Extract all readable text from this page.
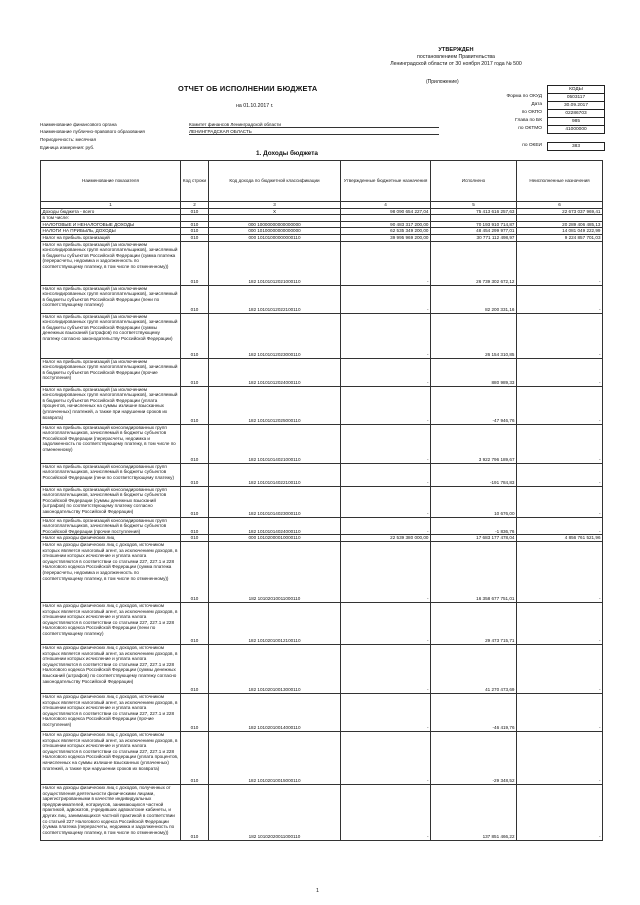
УТВЕРЖДЕН
постановлением Правительства
Ленинградской области от 30 ноября 2017 года № 500
(Приложение)
ОТЧЕТ ОБ ИСПОЛНЕНИИ БЮДЖЕТА
на 01.10.2017 г.
КОДЫ
Форма по ОКУД	0503117
Дата	30.09.2017
по ОКПО	02286703
Глава по БК	985
по ОКТМО	41000000
по ОКЕИ	383
Наименование финансового органа	Комитет финансов Ленинградской области
Наименование публично-правового образования	ЛЕНИНГРАДСКАЯ ОБЛАСТЬ
Периодичность: месячная
Единица измерения: руб.
1. Доходы бюджета
Наименование показателя	Код строки	Код дохода по бюджетной классификации	Утвержденные бюджетные назначения	Исполнено	Неисполненные назначения
1	2	3	4	5	6
Доходы бюджета - всего	010	X	98 090 654 227,04	75 413 616 257,63	22 673 037 969,41
в том числе:					
НАЛОГОВЫЕ И НЕНАЛОГОВЫЕ ДОХОДЫ	010	000 10000000000000000	90 483 317 200,00	70 193 910 714,87	20 289 406 485,13
НАЛОГИ НА ПРИБЫЛЬ, ДОХОДЫ	010	000 10100000000000000	62 535 349 200,00	48 454 299 977,01	14 081 049 222,99
Налог на прибыль организаций	010	000 10101000000000110	39 995 969 200,00	30 771 112 498,97	9 224 857 701,03
Налог на прибыль организаций (за исключением консолидированных групп налогоплательщиков), зачисляемый в бюджеты субъектов Российской Федерации (сумма платежа (перерасчеты, недоимка и задолженность по соответствующему платежу, в том числе по отмененному))	010	182 10101012021000110	-	26 739 302 672,12	-
Налог на прибыль организаций (за исключением консолидированных групп налогоплательщиков), зачисляемый в бюджеты субъектов Российской Федерации (пени по соответствующему платежу)	010	182 10101012022100110	-	82 200 331,16	-
Налог на прибыль организаций (за исключением консолидированных групп налогоплательщиков), зачисляемый в бюджеты субъектов Российской Федерации (суммы денежных взысканий (штрафов) по соответствующему платежу согласно законодательству Российской Федерации)	010	182 10101012023000110	-	26 154 310,85	-
Налог на прибыль организаций (за исключением консолидированных групп налогоплательщиков), зачисляемый в бюджеты субъектов Российской Федерации (прочие поступления)	010	182 10101012024000110	-	880 989,33	-
Налог на прибыль организаций (за исключением консолидированных групп налогоплательщиков), зачисляемый в бюджеты субъектов Российской Федерации (уплата процентов, начисленных на суммы излишне взысканных (уплаченных) платежей, а также при нарушении сроков их возврата)	010	182 10101012025000110	-	-47 946,76	-
Налог на прибыль организаций консолидированных групп налогоплательщиков, зачисляемый в бюджеты субъектов Российской Федерации (перерасчеты, недоимка и задолженность по соответствующему платежу, в том числе по отмененному)	010	182 10101014021000110	-	3 922 796 189,67	-
Налог на прибыль организаций консолидированных групп налогоплательщиков, зачисляемый в бюджеты субъектов Российской Федерации (пени по соответствующему платежу)	010	182 10101014022100110	-	-191 784,83	-
Налог на прибыль организаций консолидированных групп налогоплательщиков, зачисляемый в бюджеты субъектов Российской Федерации (суммы денежных взысканий (штрафов) по соответствующему платежу согласно законодательству Российской Федерации)	010	182 10101014023000110	-	10 676,00	-
Налог на прибыль организаций консолидированных групп налогоплательщиков, зачисляемый в бюджеты субъектов Российской Федерации (прочие поступления)	010	182 10101014024000110	-	-1 836,76	-
Налог на доходы физических лиц	010	000 10102000010000110	22 539 380 000,00	17 683 177 478,04	4 856 761 521,96
Налог на доходы физических лиц с доходов, источником которых является налоговый агент, за исключением доходов, в отношении которых исчисление и уплата налога осуществляются в соответствии со статьями 227, 227.1 и 228 Налогового кодекса Российской Федерации (сумма платежа (перерасчеты, недоимка и задолженность по соответствующему платежу, в том числе по отмененному))	010	182 10102010011000110	-	16 358 677 751,01	-
Налог на доходы физических лиц с доходов, источником которых является налоговый агент, за исключением доходов, в отношении которых исчисление и уплата налога осуществляются в соответствии со статьями 227, 227.1 и 228 Налогового кодекса Российской Федерации (пени по соответствующему платежу)	010	182 10102010012100110	-	29 473 715,71	-
Налог на доходы физических лиц с доходов, источником которых является налоговый агент, за исключением доходов, в отношении которых исчисление и уплата налога осуществляются в соответствии со статьями 227, 227.1 и 228 Налогового кодекса Российской Федерации (суммы денежных взысканий (штрафов) по соответствующему платежу согласно законодательству Российской Федерации)	010	182 10102010013000110	-	41 270 473,69	-
Налог на доходы физических лиц с доходов, источником которых является налоговый агент, за исключением доходов, в отношении которых исчисление и уплата налога осуществляются в соответствии со статьями 227, 227.1 и 228 Налогового кодекса Российской Федерации (прочие поступления)	010	182 10102010014000110	-	-46 419,76	-
Налог на доходы физических лиц с доходов, источником которых является налоговый агент, за исключением доходов, в отношении которых исчисление и уплата налога осуществляются в соответствии со статьями 227, 227.1 и 228 Налогового кодекса Российской Федерации (уплата процентов, начисленных на суммы излишне взысканных (уплаченных) платежей, а также при нарушении сроков их возврата)	010	182 10102010015000110	-	-29 348,52	-
Налог на доходы физических лиц с доходов, полученных от осуществления деятельности физическими лицами, зарегистрированными в качестве индивидуальных предпринимателей, нотариусов, занимающихся частной практикой, адвокатов, учредивших адвокатские кабинеты, и других лиц, занимающихся частной практикой в соответствии со статьей 227 Налогового кодекса Российской Федерации (сумма платежа (перерасчеты, недоимка и задолженность по соответствующему платежу, в том числе по отмененному))	010	182 10102020011000110	-	137 851 466,22	-
1
